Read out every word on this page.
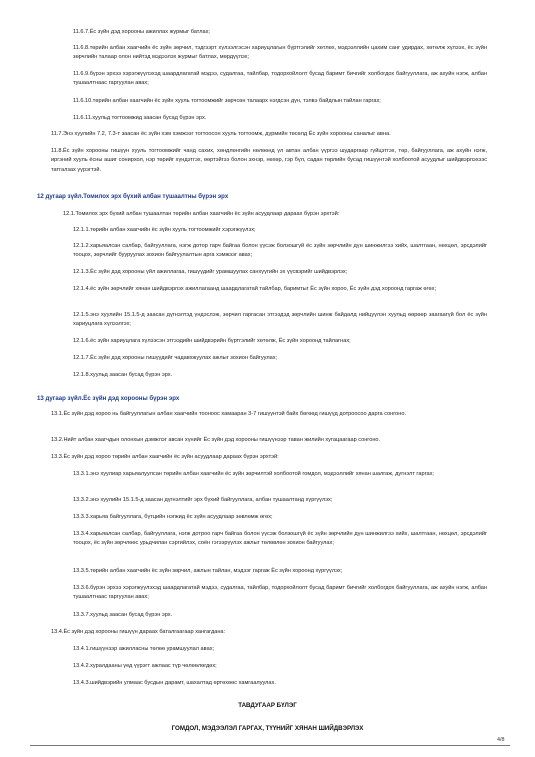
11.6.7.Ёс зүйн дэд хорооны ажиллах журмыг батлах;

11.6.8.төрийн албан хаагчийн ёс зүйн зөрчил, тэдгээрт хүлээлгэсэн хариуцлагын бүртгэлийг хөтлөх, мэдээллийн цахим санг удирдах, хөтөлж хүлээх, ёс зүйн зөрчлийн талаар олон нийтэд мэдээлэх журмыг батлах, мөрдүүлэх;

11.6.9.бүрэн эрхээ хэрэгжүүлэхэд шаардлагатай мэдээ, судалгаа, тайлбар, тодорхойлолт бусад баримт бичгийг холбогдох байгууллага, аж ахуйн нэгж, албан тушаалтнаас гаргуулан авах;

11.6.10.төрийн албан хаагчийн ёс зүйн хууль тогтоомжийг зөрчсөн талаарх нэгдсэн дүн, тэлвэ байдлын тайлан гаргах;

11.6.11.хуульд тогтоомжид заасан бусад бүрэн эрх.

11.7.Энэ хуулийн 7.2, 7.3-т заасан ёс зүйн хэм хэмжээг тогтоосон хууль тогтоомж, дүрмийн төсөлд Ёс зүйн хорооны саналыг авна.

11.8.Ёс зүйн хорооны гишүүн хууль тогтоомжийг чанд сахих, хөндлөнгийн нөлөөнд үл автан албан үүргээ шударгаар гүйцэтгэх, төр, байгууллага, аж ахуйн нэгж, иргэний хууль ёсны ашиг сонирхол, нэр төрийг хүндэтгэх, өөртэйгээ болон эхнэр, нөхөр, гэр бүл, садан төрлийн бусад гишүүнтэй холбоотой асуудлыг шийдвэрлэхээс татгалзах үүрэгтэй.

12 дугаар зүйл.Томилох эрх бүхий албан тушаалтны бүрэн эрх

12.1.Томилох эрх бүхий албан тушаалтан төрийн албан хаагчийн ёс зүйн асуудлаар дараах бүрэн эрхтэй:

12.1.1.төрийн албан хаагчийн ёс зүйн хууль тогтоомжийг хэрэгжүүлэх;

12.1.2.харьяалсан салбар, байгууллага, нэгж дотор гарч байгаа болон үүсэж болзошгүй ёс зүйн зөрчлийн дүн шинжилгээ хийх, шалтгаан, нөхцөл, эрсдэлийг тооцох, зөрчлийг бууруулах зохион байгуулалтын арга хэмжээг авах;

12.1.3.Ёс зүйн дэд хорооны үйл ажиллагаа, гишүүдийг урамшуулах санхүүгийн эх үүсвэрийг шийдвэрлэх;

12.1.4.ёс зүйн зөрчлийг хянан шийдвэрлэх ажиллагаанд шаардлагатай тайлбар, баримтыг Ёс зүйн хороо, Ёс зүйн дэд хороонд гаргаж өгөх;

12.1.5.энэ хуулийн 15.1.5-д заасан дүгнэлтэд үндэслэж, зөрчил гаргасан этгээдэд зөрчлийн шинж байдалд нийцүүлэн хуульд өөрөөр заагаагүй бол ёс зүйн хариуцлага хүлээлгэх;

12.1.6.ёс зүйн хариуцлага хүлээсэн этгээдийн шийдвэрийн бүртгэлийг хөтөлж, Ёс зүйн хороонд тайлагнах;

12.1.7.Ёс зүйн дэд хорооны гишүүдийг чадавхжуулах ажлыг зохион байгуулах;

12.1.8.хуульд заасан бусад бүрэн эрх.

13 дугаар зүйл.Ёс зүйн дэд хорооны бүрэн эрх

13.1.Ёс зүйн дэд хороо нь байгууллагын албан хаагчийн тооноос хамааран 3-7 гишүүнтэй байх бөгөөд гишүүд дотроосоо дарга сонгоно.

13.2.Нийт албан хаагчдын олонхын дэмжлэг авсан хүнийг Ёс зүйн дэд хорооны гишүүнээр таван жилийн хугацаагаар сонгоно.

13.3.Ёс зүйн дэд хороо төрийн албан хаагчийн ёс зүйн асуудлаар дараах бүрэн эрхтэй:

13.3.1.энэ хуулиар харьяалуулсан төрийн албан хаагчийн ёс зүйн зөрчилтэй холбоотой гомдол, мэдээллийг хянан шалгаж, дүгнэлт гаргах;

13.3.2.энэ хуулийн 15.1.5-д заасан дүгнэлтийг эрх бүхий байгууллага, албан тушаалтанд хүргүүлэх;

13.3.3.харьяа байгууллага, бүтцийн нэгжид ёс зүйн асуудлаар зөвлөмж өгөх;

13.3.4.харьяалсан салбар, байгууллага, нэгж дотроо гарч байгаа болон үүсэж болзошгүй ёс зүйн зөрчлийн дүн шинжилгээ хийх, шалтгаан, нөхцөл, эрсдэлийг тооцох, ёс зүйн зөрчлөөс урьдчилан сэргийлэх, соён гэгээрүүлэх ажлыг төлөвлөн зохион байгуулах;

13.3.5.төрийн албан хаагчийн ёс зүйн зөрчил, ажлын тайлан, мэдээг гаргаж Ёс зүйн хороонд хүргүүлэх;

13.3.6.бүрэн эрхээ хэрэгжүүлэхэд шаардлагатай мэдээ, судалгаа, тайлбар, тодорхойлолт бусад баримт бичгийг холбогдох байгууллага, аж ахуйн нэгж, албан тушаалтнаас гаргуулан авах;

13.3.7.хуульд заасан бусад бүрэн эрх.

13.4.Ёс зүйн дэд хорооны гишүүн дараах баталгаагаар хангагдана:

13.4.1.гишүүнээр ажилласны төлөө урамшуулал авах;

13.4.2.хуралдааны үед үүрэгт ажлаас түр чөлөөлөгдөх;

13.4.3.шийдвэрийн улмаас бусдын дарамт, шахалтад өртөхөөс хамгаалуулах.

ТАВДУГААР БҮЛЭГ

ГОМДОЛ, МЭДЭЭЛЭЛ ГАРГАХ, ТҮҮНИЙГ ХЯНАН ШИЙДВЭРЛЭХ

4/8
